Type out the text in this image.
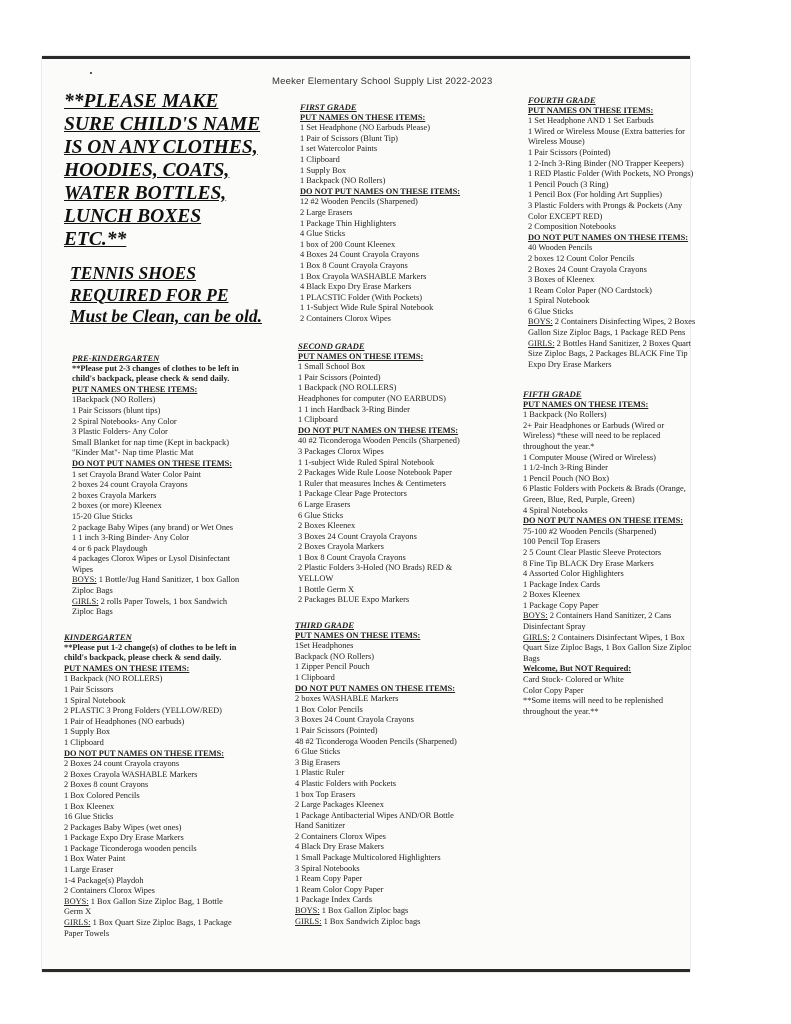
Meeker Elementary School Supply List 2022-2023
**PLEASE MAKE
SURE CHILD'S NAME
IS ON ANY CLOTHES,
HOODIES, COATS,
WATER BOTTLES,
LUNCH BOXES
ETC.**
TENNIS SHOES
REQUIRED FOR PE
Must be Clean, can be old.
PRE-KINDERGARTEN
**Please put 2-3 changes of clothes to be left in
child's backpack, please check & send daily.
PUT NAMES ON THESE ITEMS:
1Backpack (NO Rollers)
1 Pair Scissors (blunt tips)
2 Spiral Notebooks- Any Color
3 Plastic Folders- Any Color
Small Blanket for nap time (Kept in backpack)
"Kinder Mat"- Nap time Plastic Mat
DO NOT PUT NAMES ON THESE ITEMS:
1 set Crayola Brand Water Color Paint
2 boxes 24 count Crayola Crayons
2 boxes Crayola Markers
2 boxes (or more) Kleenex
15-20 Glue Sticks
2 package Baby Wipes (any brand) or Wet Ones
1 1 inch 3-Ring Binder- Any Color
4 or 6 pack Playdough
4 packages Clorox Wipes or Lysol Disinfectant
Wipes
BOYS: 1 Bottle/Jug Hand Sanitizer, 1 box Gallon
Ziploc Bags
GIRLS: 2 rolls Paper Towels, 1 box Sandwich
Ziploc Bags
KINDERGARTEN
**Please put 1-2 change(s) of clothes to be left in
child's backpack, please check & send daily.
PUT NAMES ON THESE ITEMS:
1 Backpack (NO ROLLERS)
1 Pair Scissors
1 Spiral Notebook
2 PLASTIC 3 Prong Folders (YELLOW/RED)
1 Pair of Headphones (NO earbuds)
1 Supply Box
1 Clipboard
DO NOT PUT NAMES ON THESE ITEMS:
2 Boxes 24 count Crayola crayons
2 Boxes Crayola WASHABLE Markers
2 Boxes 8 count Crayons
1 Box Colored Pencils
1 Box Kleenex
16 Glue Sticks
2 Packages Baby Wipes (wet ones)
1 Package Expo Dry Erase Markers
1 Package Ticonderoga wooden pencils
1 Box Water Paint
1 Large Eraser
1-4 Package(s) Playdoh
2 Containers Clorox Wipes
BOYS: 1 Box Gallon Size Ziploc Bag, 1 Bottle
Germ X
GIRLS: 1 Box Quart Size Ziploc Bags, 1 Package
Paper Towels
FIRST GRADE
PUT NAMES ON THESE ITEMS:
1 Set Headphone (NO Earbuds Please)
1 Pair of Scissors (Blunt Tip)
1 set Watercolor Paints
1 Clipboard
1 Supply Box
1 Backpack (NO Rollers)
DO NOT PUT NAMES ON THESE ITEMS:
12 #2 Wooden Pencils (Sharpened)
2 Large Erasers
1 Package Thin Highlighters
4 Glue Sticks
1 box of 200 Count Kleenex
4 Boxes 24 Count Crayola Crayons
1 Box 8 Count Crayola Crayons
1 Box Crayola WASHABLE Markers
4 Black Expo Dry Erase Markers
1 PLACSTIC Folder (With Pockets)
1 1-Subject Wide Rule Spiral Notebook
2 Containers Clorox Wipes
SECOND GRADE
PUT NAMES ON THESE ITEMS:
1 Small School Box
1 Pair Scissors (Pointed)
1 Backpack (NO ROLLERS)
Headphones for computer (NO EARBUDS)
1 1 inch Hardback 3-Ring Binder
1 Clipboard
DO NOT PUT NAMES ON THESE ITEMS:
40 #2 Ticonderoga Wooden Pencils (Sharpened)
3 Packages Clorox Wipes
1 1-subject Wide Ruled Spiral Notebook
2 Packages Wide Rule Loose Notebook Paper
1 Ruler that measures Inches & Centimeters
1 Package Clear Page Protectors
6 Large Erasers
6 Glue Sticks
2 Boxes Kleenex
3 Boxes 24 Count Crayola Crayons
2 Boxes Crayola Markers
1 Box 8 Count Crayola Crayons
2 Plastic Folders 3-Holed (NO Brads) RED &
YELLOW
1 Bottle Germ X
2 Packages BLUE Expo Markers
THIRD GRADE
PUT NAMES ON THESE ITEMS:
1Set Headphones
Backpack (NO Rollers)
1 Zipper Pencil Pouch
1 Clipboard
DO NOT PUT NAMES ON THESE ITEMS:
2 boxes WASHABLE Markers
1 Box Color Pencils
3 Boxes 24 Count Crayola Crayons
1 Pair Scissors (Pointed)
48 #2 Ticonderoga Wooden Pencils (Sharpened)
6 Glue Sticks
3 Big Erasers
1 Plastic Ruler
4 Plastic Folders with Pockets
1 box Top Erasers
2 Large Packages Kleenex
1 Package Antibacterial Wipes AND/OR Bottle
Hand Sanitizer
2 Containers Clorox Wipes
4 Black Dry Erase Makers
1 Small Package Multicolored Highlighters
3 Spiral Notebooks
1 Ream Copy Paper
1 Ream Color Copy Paper
1 Package Index Cards
BOYS: 1 Box Gallon Ziploc bags
GIRLS: 1 Box Sandwich Ziploc bags
FOURTH GRADE
PUT NAMES ON THESE ITEMS:
1 Set Headphone AND 1 Set Earbuds
1 Wired or Wireless Mouse (Extra batteries for
Wireless Mouse)
1 Pair Scissors (Pointed)
1 2-Inch 3-Ring Binder (NO Trapper Keepers)
1 RED Plastic Folder (With Pockets, NO Prongs)
1 Pencil Pouch (3 Ring)
1 Pencil Box (For holding Art Supplies)
3 Plastic Folders with Prongs & Pockets (Any
Color EXCEPT RED)
2 Composition Notebooks
DO NOT PUT NAMES ON THESE ITEMS:
40 Wooden Pencils
2 boxes 12 Count Color Pencils
2 Boxes 24 Count Crayola Crayons
3 Boxes of Kleenex
1 Ream Color Paper (NO Cardstock)
1 Spiral Notebook
6 Glue Sticks
BOYS: 2 Containers Disinfecting Wipes, 2 Boxes
Gallon Size Ziploc Bags, 1 Package RED Pens
GIRLS: 2 Bottles Hand Sanitizer, 2 Boxes Quart
Size Ziploc Bags, 2 Packages BLACK Fine Tip
Expo Dry Erase Markers
FIFTH GRADE
PUT NAMES ON THESE ITEMS:
1 Backpack (No Rollers)
2+ Pair Headphones or Earbuds (Wired or
Wireless) *these will need to be replaced
throughout the year.*
1 Computer Mouse (Wired or Wireless)
1 1/2-Inch 3-Ring Binder
1 Pencil Pouch (NO Box)
6 Plastic Folders with Pockets & Brads (Orange,
Green, Blue, Red, Purple, Green)
4 Spiral Notebooks
DO NOT PUT NAMES ON THESE ITEMS:
75-100 #2 Wooden Pencils (Sharpened)
100 Pencil Top Erasers
2 5 Count Clear Plastic Sleeve Protectors
8 Fine Tip BLACK Dry Erase Markers
4 Assorted Color Highlighters
1 Package Index Cards
2 Boxes Kleenex
1 Package Copy Paper
BOYS: 2 Containers Hand Sanitizer, 2 Cans
Disinfectant Spray
GIRLS: 2 Containers Disinfectant Wipes, 1 Box
Quart Size Ziploc Bags, 1 Box Gallon Size Ziploc
Bags
Welcome, But NOT Required:
Card Stock- Colored or White
Color Copy Paper
**Some items will need to be replenished
throughout the year.**
